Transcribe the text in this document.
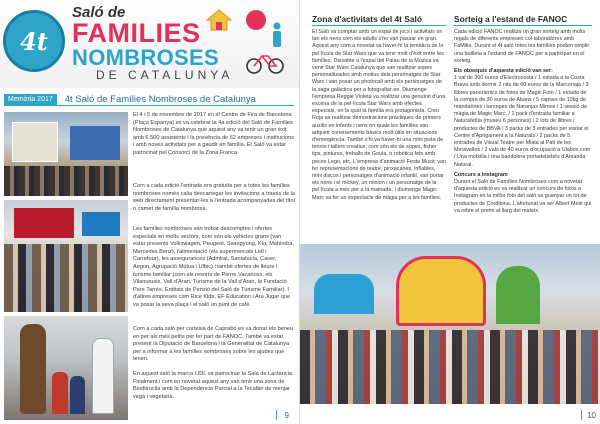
4t
Saló de
FAMILIES
NOMBROSES
DE CATALUNYA
Memòria 2017	4t Saló de Famílies Nombroses de Catalunya

El 4 i 5 de novembre de 2017 en el Centre de Fira de Barcelona (Plaça Espanya) es va celebrar la 4a edició del Saló de Famílies Nombroses de Catalunya que aquest any va tenir un gran èxit amb 6.500 assistents i la presència de 62 empreses i institucions i amb noves activitats per a gaudir en família. El Saló va estar patrocinat pel Consorci de la Zona Franca.

Com a cada edició l'entrada era gratuïta per a totes les famílies nombroses només calia descarregar les invitacions a través de la web directament presentar-les a l'entrada acompanyades del títol o carnet de família nombrosa.

Les famílies nombroses van trobar descomptes i ofertes especials en molts sectors, com són els vehicles grans (van estar presents Volkswagen, Peugeot, Ssangyong, Kia, Mahindra, Mercedes Benz), l'alimentació (els supermercats Lidl i Carrefour), les assegurances (Admiral, Santalucía, Caser, Aegon, Agrupació Mútua i Ulbic) i també ofertes de lleure i turisme familiar (com els resorts de Pierre Vacances, els Vilanurusis, Vall d'Aran, Turisme de la Vall d'Aran, la Fundació Pere Tarrés, Entitats de Pensió del Saló de Turisme Familiar). I d'altres empreses com Rice Kids, EF Education i Ara Jugar que va posar la seva plaça i el saló un punt de cafè.

Com a cada saló per cortesia de Caprabo es va donar els beneu en per als més petits per fer part de FANOC. També va estar present la Diputació de Barcelona i la Generalitat de Catalunya per a informar a les famílies nombroses sobre les ajudes que tenen.

En aquest saló la marca LIDL va patrocinar la Sala de Lactància. Finalment i com en novetat aquest any van tenir una zona de Bioditrucila amb la Dependència Parcial a la Tecafàn de menjar vegà i vegetarià.

9
Zona d'activitats del 4t Saló	Sorteig a l'estand de FANOC

El Saló va comptar amb un espai de jocs i activitats on tan els nens com els adults s'ho van passar en gran. Aquest any com a novetat va haver-hi la temàtica de la pel·lícula de Star Wars que va tenir molt d'èxit entre les famílies. Dissabte a l'espai del Palau de la Música va venir Star Wars Catalunya que van realitzar sopes personalitzades amb motius dels personatges de Star Wars i van posar un photocall amb els personatges de la saga galàctica per a fotografiar-se. Diumenge l'empresa Reggie Violeta va realitzar una genuïnit d'una escena de la pel·lícula Star Wars amb efectes especials, en la qual la família era protagonista. Creu Roja va realitzar demostracions pràctiques de primers auxilis en infants i nens on quals les famílies van adquirir coneixements bàsics molt útils en situacions d'emergència. També s'hi va haver-hi una mini pista de tennis i tallers creatius, com són els de sopes, fisher tips, pintures, treballs de Goula, o robòtica fets amb peces Lego, etc. L'empresa d'animació Festa Music van fer representacions de teatre, pinxacanes, inflables, mini discos i personatges d'animació infantil, van portar els nens i el mickey, un minion i un personatge de la pel·lícula a més per a la mainada. I diumenge Magic Marc va fer un espectacle de màgia per a les famílies.

Cada edició FANOC realitza un gran sorteig amb molts regals de diferents empreses col·laboradores amb FaMilia. Durant el 4t saló totes les famílies podien omplir una butlleta a l'estand de FANOC per a participar en el sorteig.

Els obsequis d'aquesta edició van ser:

1 val de 300 euros d'Electrocosta / 1 estada a la Costa Brava amb dormir 2 nits de 60 euros de la Marconaja / 3 llibres panoràmics de fotos de Magic Foto / 1 estada de la compra de 30 euros de Abans / 5 capses de 10kg de mandarines i taronges de Naranjas Mimos / 1 sessió de màgia de Magic Marc. / 1 pack d'entrada familiar a Naturàfetìla (museu 6 persones) / 2 lots de llibres i productes de BBVA / 3 packs de 3 entrades per visitar el Centre d'Aprigament a la Naturals / 2 packs de 5 entrades de Visual Teatre per Miala al Pati de les Meravelles / 2 vals de 40 euros d'ocupació a Ulabox.com / Una motxilla i una bandolera portadebebès d'Amanda Natural.

Concurs a Instagram

Durant el Saló de Famílies Nombroses com a novetat d'aquesta edició es va realitzar un concurs de fotos a Instagram en la millor foto del saló va guanyar un lot de productes de Cordibina. L'afortunat va ser Albert Melé qui va rebre el premi al llarg del mateix.

10
